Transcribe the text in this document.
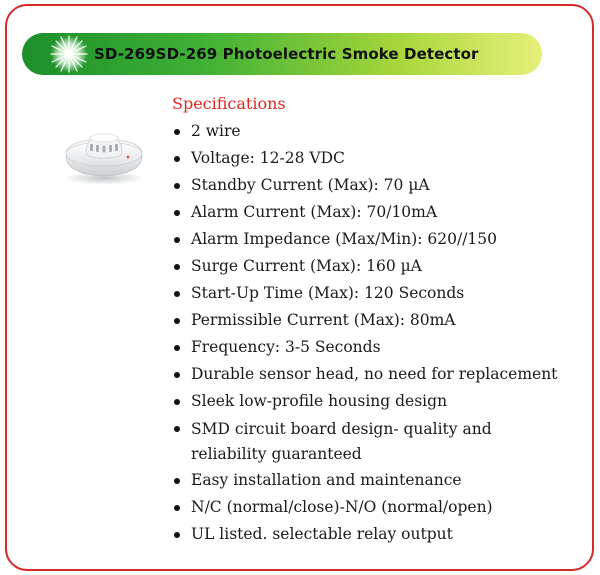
SD-269SD-269 Photoelectric Smoke Detector
Specifications
2 wire
Voltage: 12-28 VDC
Standby Current (Max): 70 µA
Alarm Current (Max): 70/10mA
Alarm Impedance (Max/Min): 620//150
Surge Current (Max): 160 µA
Start-Up Time (Max): 120 Seconds
Permissible Current (Max): 80mA
Frequency: 3-5 Seconds
Durable sensor head, no need for replacement
Sleek low-profile housing design
SMD circuit board design- quality and reliability guaranteed
Easy installation and maintenance
N/C (normal/close)-N/O (normal/open)
UL listed. selectable relay output
